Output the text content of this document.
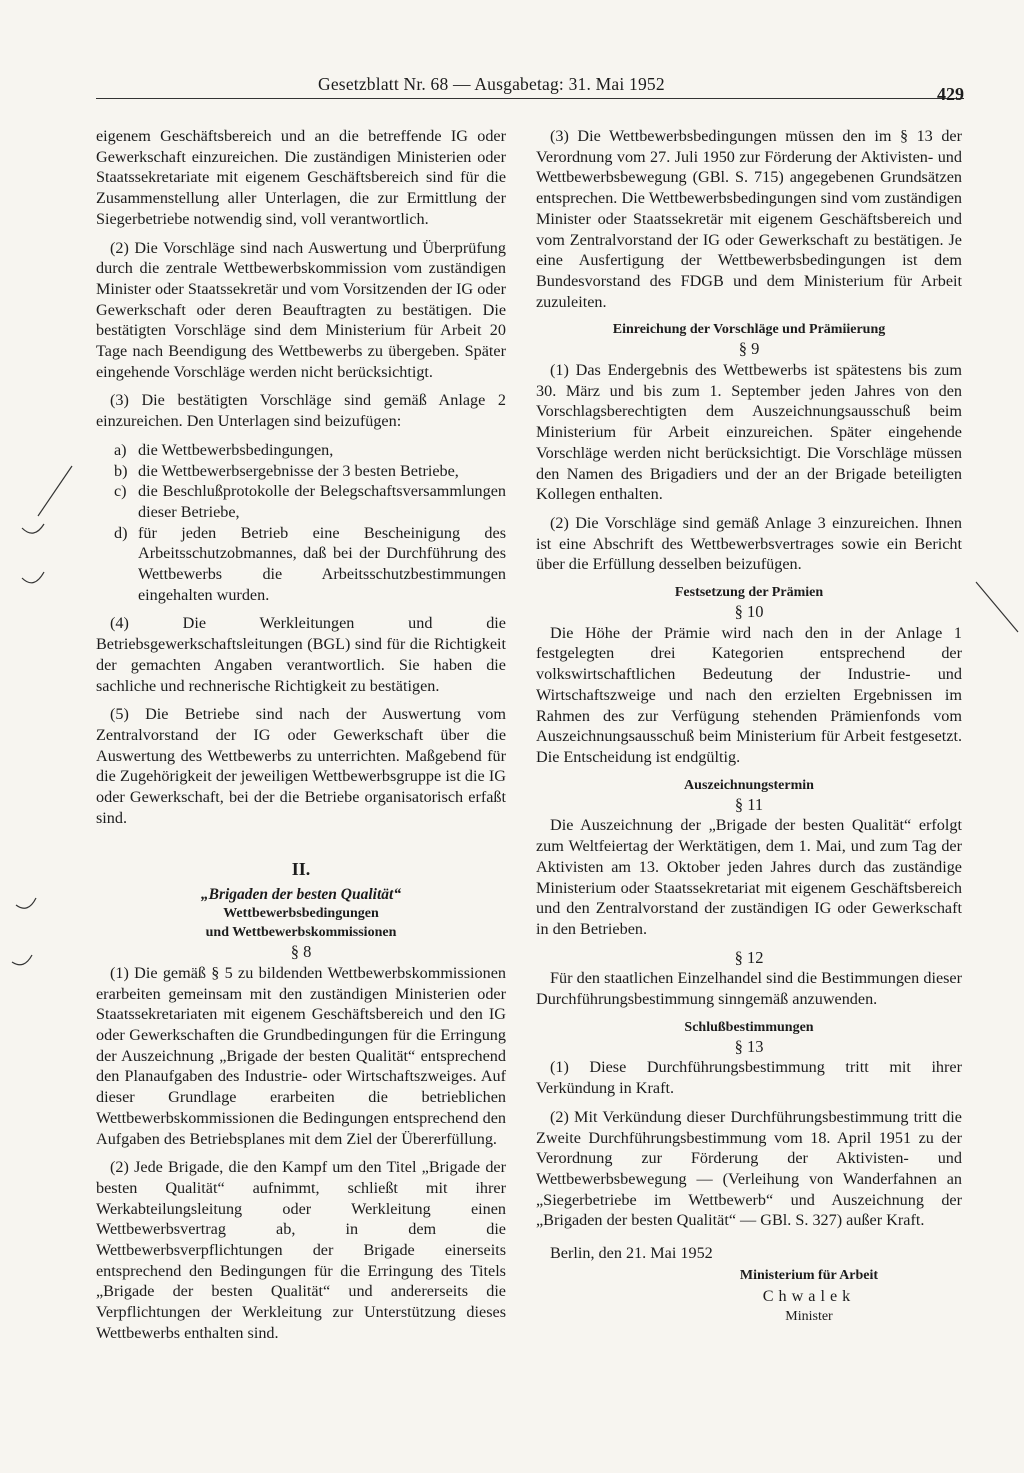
Gesetzblatt Nr. 68 — Ausgabetag: 31. Mai 1952	429

eigenem Geschäftsbereich und an die betreffende IG oder Gewerkschaft einzureichen. Die zuständigen Ministerien oder Staatssekretariate mit eigenem Geschäftsbereich sind für die Zusammenstellung aller Unterlagen, die zur Ermittlung der Siegerbetriebe notwendig sind, voll verantwortlich.

(2) Die Vorschläge sind nach Auswertung und Überprüfung durch die zentrale Wettbewerbskommission vom zuständigen Minister oder Staatssekretär und vom Vorsitzenden der IG oder Gewerkschaft oder deren Beauftragten zu bestätigen. Die bestätigten Vorschläge sind dem Ministerium für Arbeit 20 Tage nach Beendigung des Wettbewerbs zu übergeben. Später eingehende Vorschläge werden nicht berücksichtigt.

(3) Die bestätigten Vorschläge sind gemäß Anlage 2 einzureichen. Den Unterlagen sind beizufügen:

a) die Wettbewerbsbedingungen,
b) die Wettbewerbsergebnisse der 3 besten Betriebe,
c) die Beschlußprotokolle der Belegschaftsversammlungen dieser Betriebe,
d) für jeden Betrieb eine Bescheinigung des Arbeitsschutzobmannes, daß bei der Durchführung des Wettbewerbs die Arbeitsschutzbestimmungen eingehalten wurden.

(4) Die Werkleitungen und die Betriebsgewerkschaftsleitungen (BGL) sind für die Richtigkeit der gemachten Angaben verantwortlich. Sie haben die sachliche und rechnerische Richtigkeit zu bestätigen.

(5) Die Betriebe sind nach der Auswertung vom Zentralvorstand der IG oder Gewerkschaft über die Auswertung des Wettbewerbs zu unterrichten. Maßgebend für die Zugehörigkeit der jeweiligen Wettbewerbsgruppe ist die IG oder Gewerkschaft, bei der die Betriebe organisatorisch erfaßt sind.

II.

„Brigaden der besten Qualität“

Wettbewerbsbedingungen

und Wettbewerbskommissionen

§ 8

(1) Die gemäß § 5 zu bildenden Wettbewerbskommissionen erarbeiten gemeinsam mit den zuständigen Ministerien oder Staatssekretariaten mit eigenem Geschäftsbereich und den IG oder Gewerkschaften die Grundbedingungen für die Erringung der Auszeichnung „Brigade der besten Qualität“ entsprechend den Planaufgaben des Industrie- oder Wirtschaftszweiges. Auf dieser Grundlage erarbeiten die betrieblichen Wettbewerbskommissionen die Bedingungen entsprechend den Aufgaben des Betriebsplanes mit dem Ziel der Übererfüllung.

(2) Jede Brigade, die den Kampf um den Titel „Brigade der besten Qualität“ aufnimmt, schließt mit ihrer Werkabteilungsleitung oder Werkleitung einen Wettbewerbsvertrag ab, in dem die Wettbewerbsverpflichtungen der Brigade einerseits entsprechend den Bedingungen für die Erringung des Titels „Brigade der besten Qualität“ und andererseits die Verpflichtungen der Werkleitung zur Unterstützung dieses Wettbewerbs enthalten sind.

(3) Die Wettbewerbsbedingungen müssen den im § 13 der Verordnung vom 27. Juli 1950 zur Förderung der Aktivisten- und Wettbewerbsbewegung (GBl. S. 715) angegebenen Grundsätzen entsprechen. Die Wettbewerbsbedingungen sind vom zuständigen Minister oder Staatssekretär mit eigenem Geschäftsbereich und vom Zentralvorstand der IG oder Gewerkschaft zu bestätigen. Je eine Ausfertigung der Wettbewerbsbedingungen ist dem Bundesvorstand des FDGB und dem Ministerium für Arbeit zuzuleiten.

Einreichung der Vorschläge und Prämiierung

§ 9

(1) Das Endergebnis des Wettbewerbs ist spätestens bis zum 30. März und bis zum 1. September jeden Jahres von den Vorschlagsberechtigten dem Auszeichnungsausschuß beim Ministerium für Arbeit einzureichen. Später eingehende Vorschläge werden nicht berücksichtigt. Die Vorschläge müssen den Namen des Brigadiers und der an der Brigade beteiligten Kollegen enthalten.

(2) Die Vorschläge sind gemäß Anlage 3 einzureichen. Ihnen ist eine Abschrift des Wettbewerbsvertrages sowie ein Bericht über die Erfüllung desselben beizufügen.

Festsetzung der Prämien

§ 10

Die Höhe der Prämie wird nach den in der Anlage 1 festgelegten drei Kategorien entsprechend der volkswirtschaftlichen Bedeutung der Industrie- und Wirtschaftszweige und nach den erzielten Ergebnissen im Rahmen des zur Verfügung stehenden Prämienfonds vom Auszeichnungsausschuß beim Ministerium für Arbeit festgesetzt. Die Entscheidung ist endgültig.

Auszeichnungstermin

§ 11

Die Auszeichnung der „Brigade der besten Qualität“ erfolgt zum Weltfeiertag der Werktätigen, dem 1. Mai, und zum Tag der Aktivisten am 13. Oktober jeden Jahres durch das zuständige Ministerium oder Staatssekretariat mit eigenem Geschäftsbereich und den Zentralvorstand der zuständigen IG oder Gewerkschaft in den Betrieben.

§ 12

Für den staatlichen Einzelhandel sind die Bestimmungen dieser Durchführungsbestimmung sinngemäß anzuwenden.

Schlußbestimmungen

§ 13

(1) Diese Durchführungsbestimmung tritt mit ihrer Verkündung in Kraft.

(2) Mit Verkündung dieser Durchführungsbestimmung tritt die Zweite Durchführungsbestimmung vom 18. April 1951 zu der Verordnung zur Förderung der Aktivisten- und Wettbewerbsbewegung — (Verleihung von Wanderfahnen an „Siegerbetriebe im Wettbewerb“ und Auszeichnung der „Brigaden der besten Qualität“ — GBl. S. 327) außer Kraft.

Berlin, den 21. Mai 1952

Ministerium für Arbeit

Chwalek

Minister
